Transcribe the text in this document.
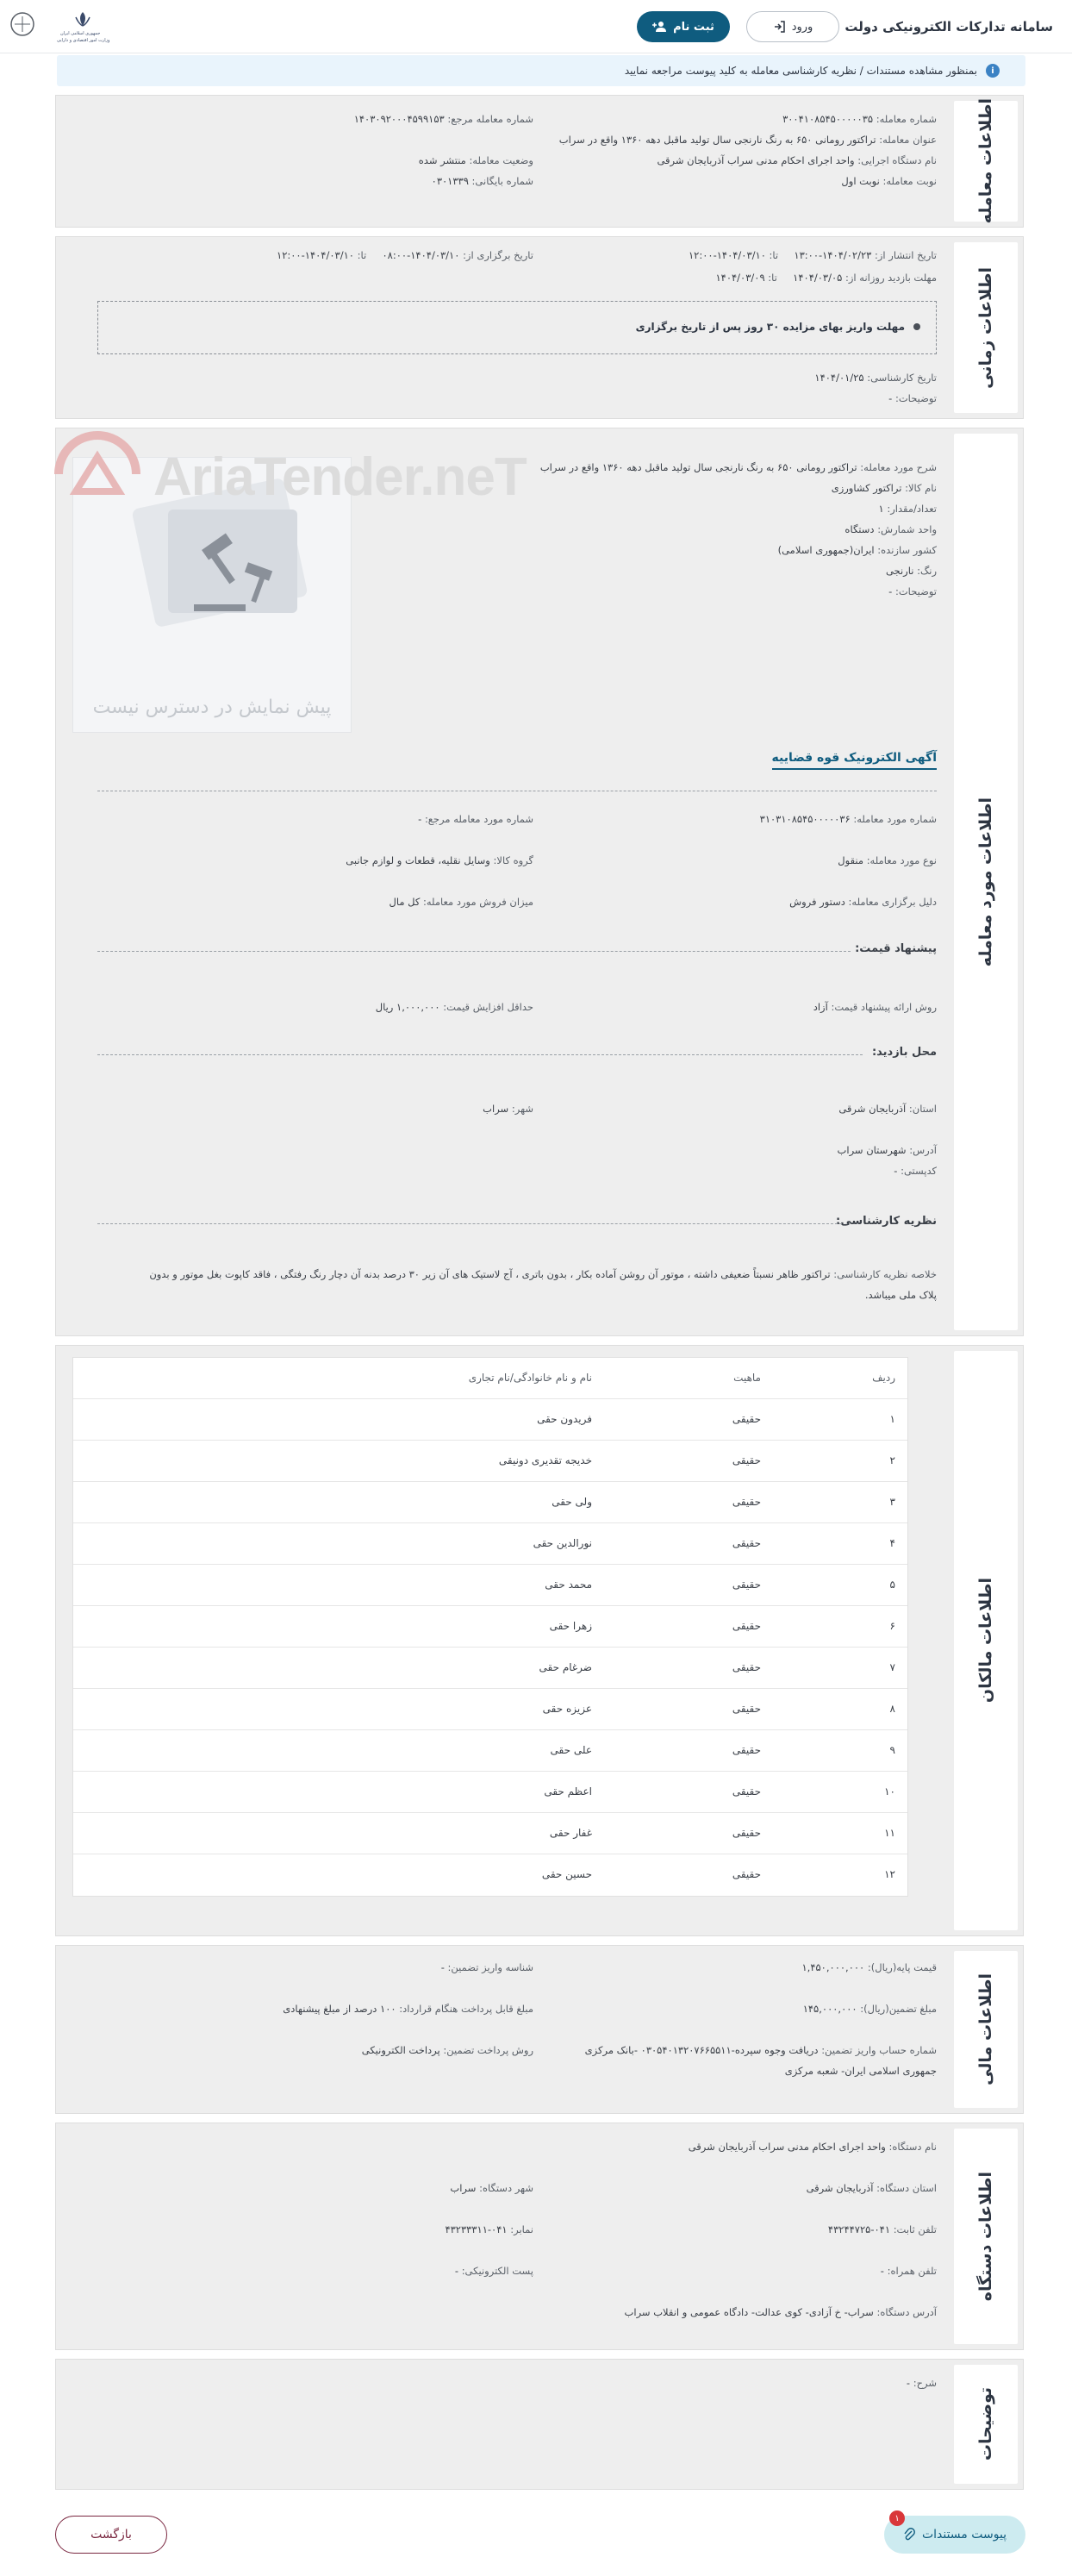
سامانه تدارکات الکترونیکی دولت
ورود
ثبت نام
جمهوری اسلامی ایران
وزارت امور اقتصادی و دارایی
i
بمنظور مشاهده مستندات / نظریه کارشناسی معامله به کلید پیوست مراجعه نمایید
اطلاعات معامله
شماره معامله: ۳۰۰۴۱۰۸۵۴۵۰۰۰۰۰۳۵
عنوان معامله: تراکتور رومانی ۶۵۰ به رنگ نارنجی سال تولید ماقبل دهه ۱۳۶۰ واقع در سراب
نام دستگاه اجرایی: واحد اجرای احکام مدنی سراب آذربایجان شرقی
نوبت معامله: نوبت اول
شماره معامله مرجع: ۱۴۰۳۰۹۲۰۰۰۴۵۹۹۱۵۳
وضعیت معامله: منتشر شده
شماره بایگانی: ۰۳۰۱۳۳۹
اطلاعات زمانی
تاریخ انتشار از: ۱۴۰۴/۰۲/۲۳-۱۳:۰۰     تا: ۱۴۰۴/۰۳/۱۰-۱۲:۰۰
مهلت بازدید روزانه از: ۱۴۰۴/۰۳/۰۵     تا: ۱۴۰۴/۰۳/۰۹
تاریخ برگزاری از: ۱۴۰۴/۰۳/۱۰-۰۸:۰۰     تا: ۱۴۰۴/۰۳/۱۰-۱۲:۰۰
مهلت واریز بهای مزایده ۳۰ روز پس از تاریخ برگزاری
تاریخ کارشناسی: ۱۴۰۴/۰۱/۲۵
توضیحات: -
اطلاعات مورد معامله
شرح مورد معامله: تراکتور رومانی ۶۵۰ به رنگ نارنجی سال تولید ماقبل دهه ۱۳۶۰ واقع در سراب
نام کالا: تراکتور کشاورزی
تعداد/مقدار: ۱
واحد شمارش: دستگاه
کشور سازنده: ایران(جمهوری اسلامی)
رنگ: نارنجی
توضیحات: -
آگهی الکترونیک قوه قضاییه
شماره مورد معامله: ۳۱۰۳۱۰۸۵۴۵۰۰۰۰۰۳۶
شماره مورد معامله مرجع: -
نوع مورد معامله: منقول
گروه کالا: وسایل نقلیه، قطعات و لوازم جانبی
دلیل برگزاری معامله: دستور فروش
میزان فروش مورد معامله: کل مال
پیشنهاد قیمت:
روش ارائه پیشنهاد قیمت: آزاد
حداقل افزایش قیمت: ۱,۰۰۰,۰۰۰ ریال
محل بازدید:
استان: آذربایجان شرقی
شهر: سراب
آدرس: شهرستان سراب
کدپستی: -
نظریه کارشناسی:
خلاصه نظریه کارشناسی: تراکتور ظاهر نسبتاً ضعیفی داشته ، موتور آن روشن آماده بکار ، بدون باتری ، آج لاستیک های آن زیر ۳۰ درصد بدنه آن دچار رنگ رفتگی ، فاقد کاپوت بغل موتور و بدون
پلاک ملی میباشد.
پیش نمایش در دسترس نیست
AriaTender.neT
اطلاعات مالکان
ردیف
ماهیت
نام و نام خانوادگی/نام تجاری
۱
حقیقی
فریدون حقی
۲
حقیقی
خدیجه تقدیری دونیقی
۳
حقیقی
ولی حقی
۴
حقیقی
نورالدین حقی
۵
حقیقی
محمد حقی
۶
حقیقی
زهرا حقی
۷
حقیقی
ضرغام حقی
۸
حقیقی
عزیزه حقی
۹
حقیقی
علی حقی
۱۰
حقیقی
اعظم حقی
۱۱
حقیقی
غفار حقی
۱۲
حقیقی
حسین حقی
اطلاعات مالی
قیمت پایه(ریال): ۱,۴۵۰,۰۰۰,۰۰۰
شناسه واریز تضمین: -
مبلغ تضمین(ریال): ۱۴۵,۰۰۰,۰۰۰
مبلغ قابل پرداخت هنگام قرارداد: ۱۰۰ درصد از مبلغ پیشنهادی
شماره حساب واریز تضمین: دریافت وجوه سپرده-۰۳۰۵۴۰۱۳۲۰۷۶۶۵۵۱۱ -بانک مرکزی
جمهوری اسلامی ایران- شعبه مرکزی
روش پرداخت تضمین: پرداخت الکترونیکی
اطلاعات دستگاه
نام دستگاه: واحد اجرای احکام مدنی سراب آذربایجان شرقی
استان دستگاه: آذربایجان شرقی
شهر دستگاه: سراب
تلفن ثابت: ۰۴۱-۴۳۲۴۴۷۲۵
نمابر: ۰۴۱-۴۳۲۳۳۳۱۱
تلفن همراه: -
پست الکترونیکی: -
آدرس دستگاه: سراب- خ آزادی- کوی عدالت- دادگاه عمومی و انقلاب سراب
توضیحات
شرح: -
پیوست مستندات
۱
بازگشت
